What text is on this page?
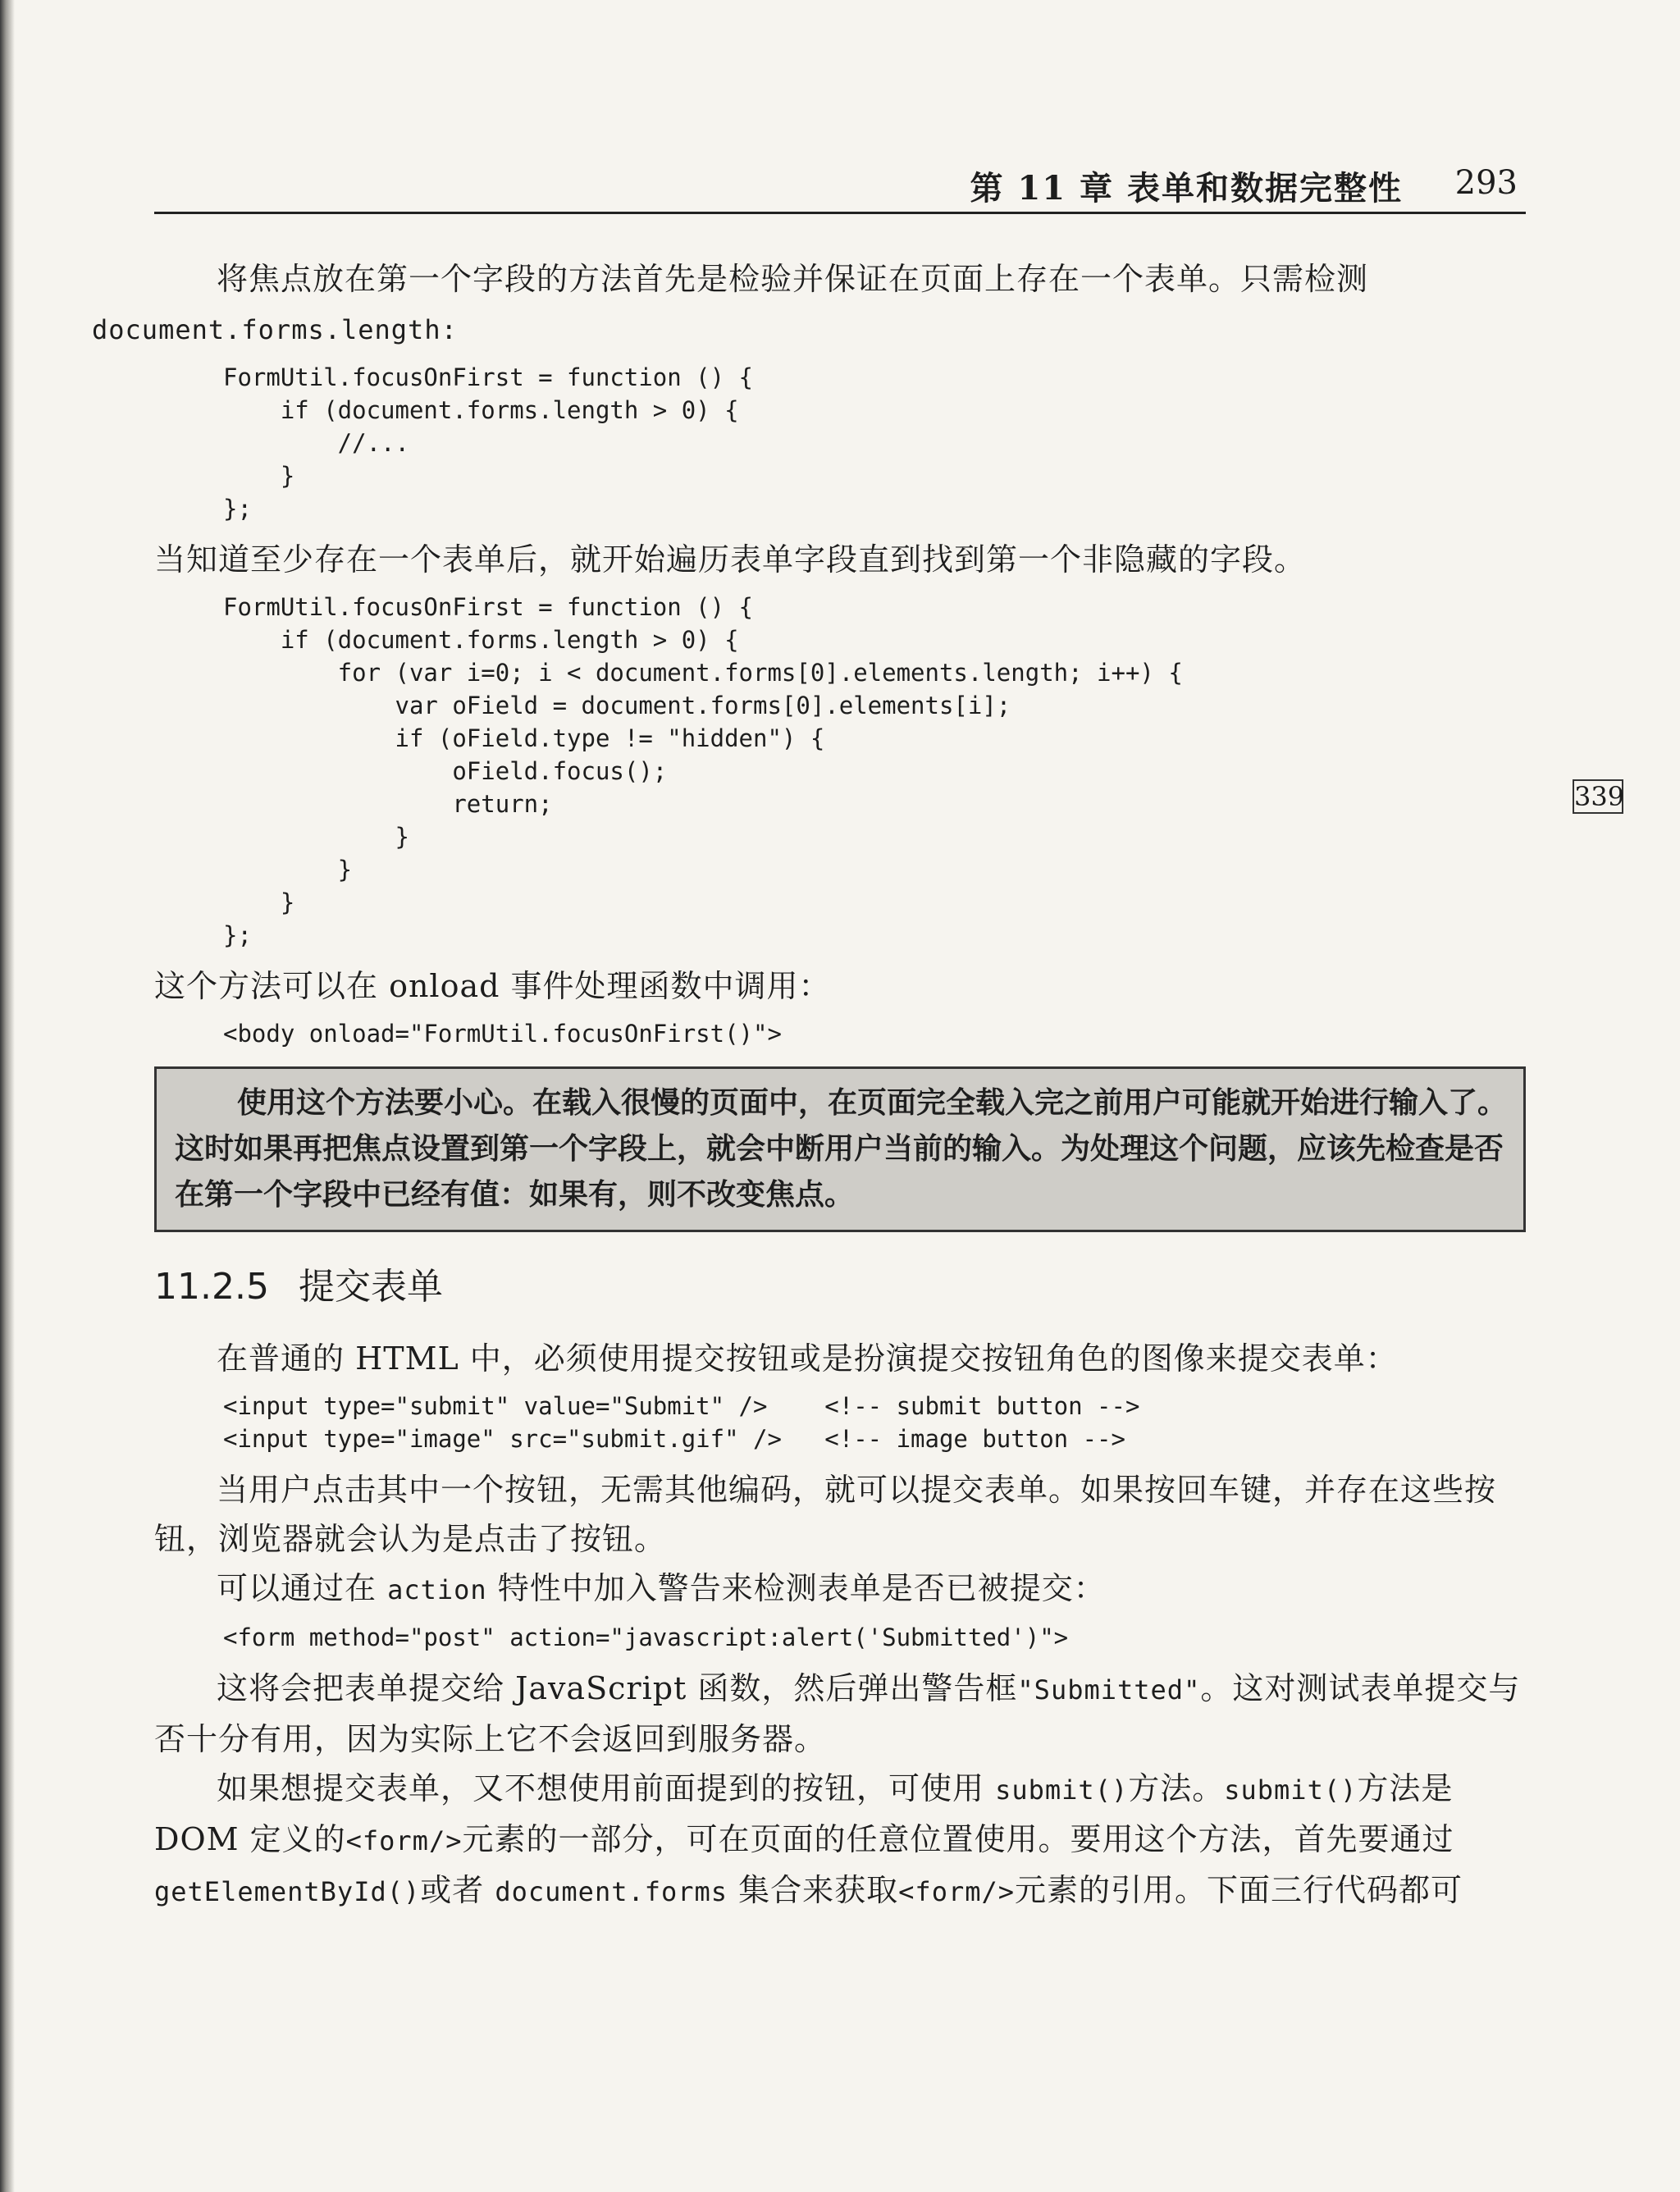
第 11 章 表单和数据完整性 293
339

将焦点放在第一个字段的方法首先是检验并保证在页面上存在一个表单。只需检测
document.forms.length:

FormUtil.focusOnFirst = function () {
if (document.forms.length > 0) {
//...
}
};

当知道至少存在一个表单后，就开始遍历表单字段直到找到第一个非隐藏的字段。

FormUtil.focusOnFirst = function () {
if (document.forms.length > 0) {
for (var i=0; i < document.forms[0].elements.length; i++) {
var oField = document.forms[0].elements[i];
if (oField.type != "hidden") {
oField.focus();
return;
}
}
}
};

这个方法可以在 onload 事件处理函数中调用：

<body onload="FormUtil.focusOnFirst()">

使用这个方法要小心。在载入很慢的页面中，在页面完全载入完之前用户可能就开始进行输入了。这时如果再把焦点设置到第一个字段上，就会中断用户当前的输入。为处理这个问题，应该先检查是否在第一个字段中已经有值：如果有，则不改变焦点。

11.2.5 提交表单

在普通的 HTML 中，必须使用提交按钮或是扮演提交按钮角色的图像来提交表单：

<input type="submit" value="Submit" />    <!-- submit button -->
<input type="image" src="submit.gif" />   <!-- image button -->

当用户点击其中一个按钮，无需其他编码，就可以提交表单。如果按回车键，并存在这些按钮，浏览器就会认为是点击了按钮。

可以通过在 action 特性中加入警告来检测表单是否已被提交：

<form method="post" action="javascript:alert('Submitted')">

这将会把表单提交给 JavaScript 函数，然后弹出警告框"Submitted"。这对测试表单提交与否十分有用，因为实际上它不会返回到服务器。

如果想提交表单，又不想使用前面提到的按钮，可使用 submit()方法。submit()方法是 DOM 定义的<form/>元素的一部分，可在页面的任意位置使用。要用这个方法，首先要通过getElementById()或者 document.forms 集合来获取<form/>元素的引用。下面三行代码都可
